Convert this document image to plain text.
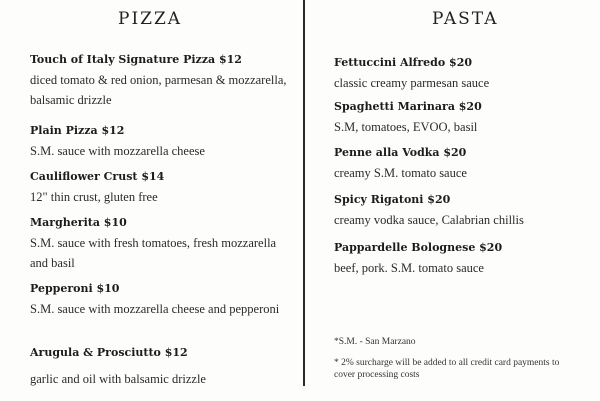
PIZZA	PASTA
Touch of Italy Signature Pizza $12
diced tomato & red onion, parmesan & mozzarella, balsamic drizzle
Plain Pizza $12
S.M. sauce with mozzarella cheese
Cauliflower Crust $14
12" thin crust, gluten free
Margherita $10
S.M. sauce with fresh tomatoes, fresh mozzarella and basil
Pepperoni $10
S.M. sauce with mozzarella cheese and pepperoni
Arugula & Prosciutto $12
garlic and oil with balsamic drizzle
Fettuccini Alfredo $20
classic creamy parmesan sauce
Spaghetti Marinara $20
S.M, tomatoes, EVOO, basil
Penne alla Vodka $20
creamy S.M. tomato sauce
Spicy Rigatoni $20
creamy vodka sauce, Calabrian chillis
Pappardelle Bolognese $20
beef, pork. S.M. tomato sauce
*S.M. - San Marzano
* 2% surcharge will be added to all credit card payments to cover processing costs
